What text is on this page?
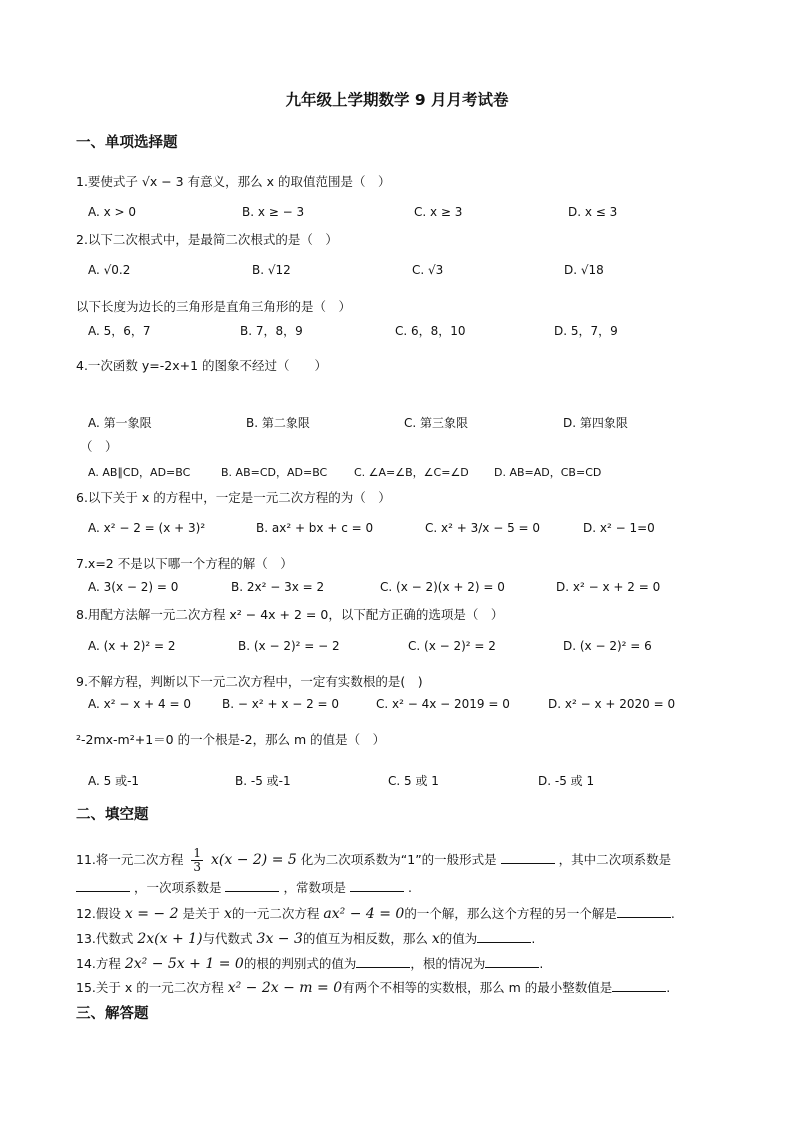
九年级上学期数学 9 月月考试卷
一、单项选择题
1.要使式子 √x − 3 有意义，那么 x 的取值范围是（　）
A. x > 0	B. x ≥ − 3	C. x ≥ 3	D. x ≤ 3
2.以下二次根式中，是最简二次根式的是（　）
A. √0.2	B. √12	C. √3	D. √18
以下长度为边长的三角形是直角三角形的是（　）
A. 5，6，7	B. 7，8，9	C. 6，8，10	D. 5，7，9
4.一次函数 y=-2x+1 的图象不经过（　　）
A. 第一象限	B. 第二象限	C. 第三象限	D. 第四象限
（　）
A. AB∥CD，AD=BC	B. AB=CD，AD=BC C. ∠A=∠B，∠C=∠D D. AB=AD，CB=CD
6.以下关于 x 的方程中，一定是一元二次方程的为（　）
A. x² − 2 = (x + 3)²	B. ax² + bx + c = 0	C. x² + 3/x − 5 = 0	D. x² − 1=0
7.x=2 不是以下哪一个方程的解（　）
A. 3(x − 2) = 0	B. 2x² − 3x = 2	C. (x − 2)(x + 2) = 0	D. x² − x + 2 = 0
8.用配方法解一元二次方程 x² − 4x + 2 = 0，以下配方正确的选项是（　）
A. (x + 2)² = 2	B. (x − 2)² = − 2	C. (x − 2)² = 2	D. (x − 2)² = 6
9.不解方程，判断以下一元二次方程中，一定有实数根的是(　)
A. x² − x + 4 = 0	B. − x² + x − 2 = 0	C. x² − 4x − 2019 = 0	D. x² − x + 2020 = 0
²-2mx-m²+1＝0 的一个根是-2，那么 m 的值是（　）
A. 5 或-1	B. -5 或-1	C. 5 或 1	D. -5 或 1
二、填空题
11.将一元二次方程 $\frac{1}{3} x(x - 2) = 5$ 化为二次项系数为“1”的一般形式是	，其中二次项系数是
，一次项系数是	，常数项是	.
12.假设 x = − 2 是关于 x的一元二次方程 ax² − 4 = 0的一个解，那么这个方程的另一个解是	.
13.代数式 2x(x + 1)与代数式 3x − 3的值互为相反数，那么 x的值为	.
14.方程 2x² − 5x + 1 = 0的根的判别式的值为	，根的情况为	.
15.关于 x 的一元二次方程 x² − 2x − m = 0有两个不相等的实数根，那么 m 的最小整数值是	.
三、解答题
